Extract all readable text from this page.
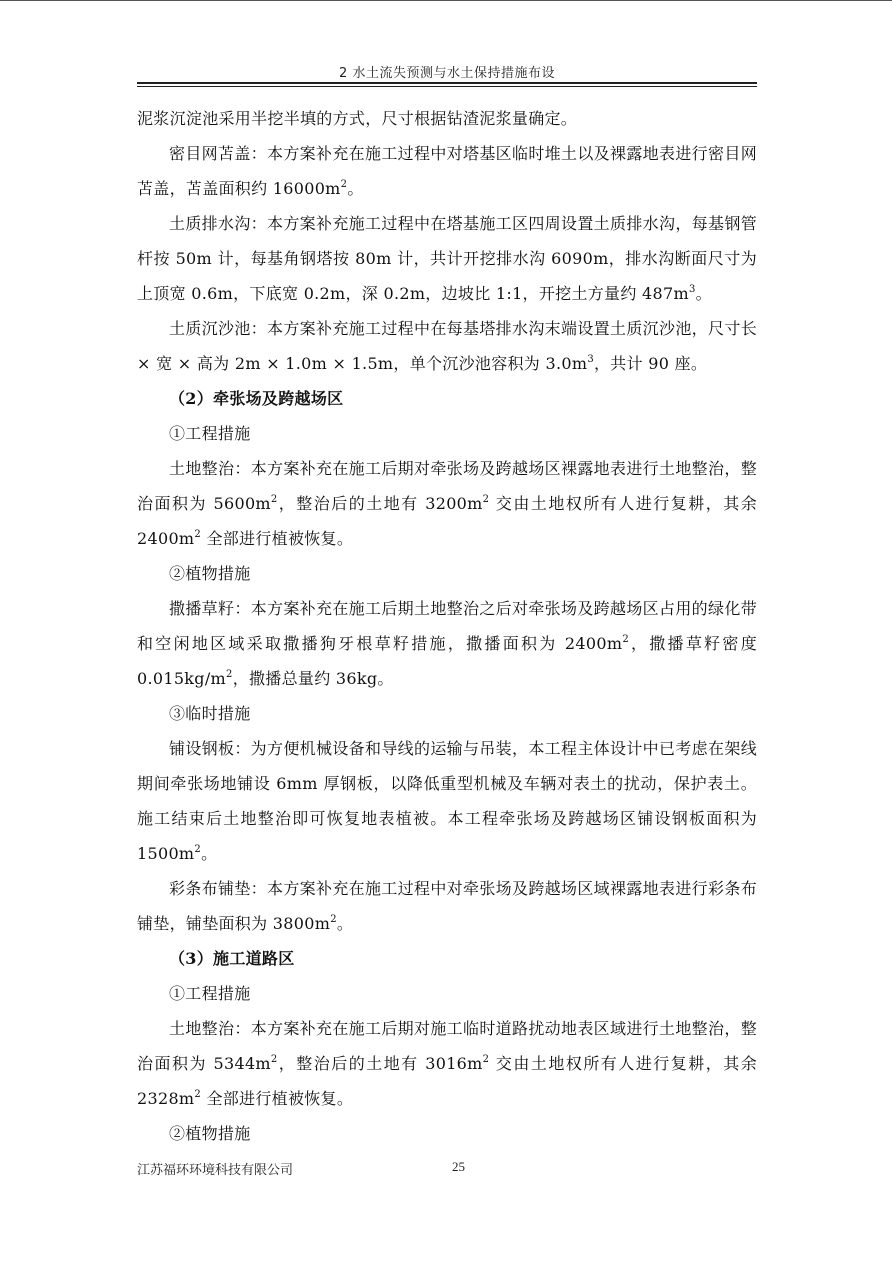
2 水土流失预测与水土保持措施布设

泥浆沉淀池采用半挖半填的方式，尺寸根据钻渣泥浆量确定。

密目网苫盖：本方案补充在施工过程中对塔基区临时堆土以及裸露地表进行密目网苫盖，苫盖面积约 $16000m^2$。

土质排水沟：本方案补充施工过程中在塔基施工区四周设置土质排水沟，每基钢管杆按 50m 计，每基角钢塔按 80m 计，共计开挖排水沟 6090m，排水沟断面尺寸为上顶宽 0.6m，下底宽 0.2m，深 0.2m，边坡比 1:1，开挖土方量约 $487m^3$。

土质沉沙池：本方案补充施工过程中在每基塔排水沟末端设置土质沉沙池，尺寸长 × 宽 × 高为 2m × 1.0m × 1.5m，单个沉沙池容积为 $3.0m^3$，共计 90 座。

（2）牵张场及跨越场区

①工程措施

土地整治：本方案补充在施工后期对牵张场及跨越场区裸露地表进行土地整治，整治面积为 $5600m^2$，整治后的土地有 $3200m^2$ 交由土地权所有人进行复耕，其余 $2400m^2$ 全部进行植被恢复。

②植物措施

撒播草籽：本方案补充在施工后期土地整治之后对牵张场及跨越场区占用的绿化带和空闲地区域采取撒播狗牙根草籽措施，撒播面积为 $2400m^2$，撒播草籽密度 $0.015kg/m^2$，撒播总量约 36kg。

③临时措施

铺设钢板：为方便机械设备和导线的运输与吊装，本工程主体设计中已考虑在架线期间牵张场地铺设 6mm 厚钢板，以降低重型机械及车辆对表土的扰动，保护表土。施工结束后土地整治即可恢复地表植被。本工程牵张场及跨越场区铺设钢板面积为 $1500m^2$。

彩条布铺垫：本方案补充在施工过程中对牵张场及跨越场区域裸露地表进行彩条布铺垫，铺垫面积为 $3800m^2$。

（3）施工道路区

①工程措施

土地整治：本方案补充在施工后期对施工临时道路扰动地表区域进行土地整治，整治面积为 $5344m^2$，整治后的土地有 $3016m^2$ 交由土地权所有人进行复耕，其余 $2328m^2$ 全部进行植被恢复。

②植物措施

江苏福环环境科技有限公司	25
